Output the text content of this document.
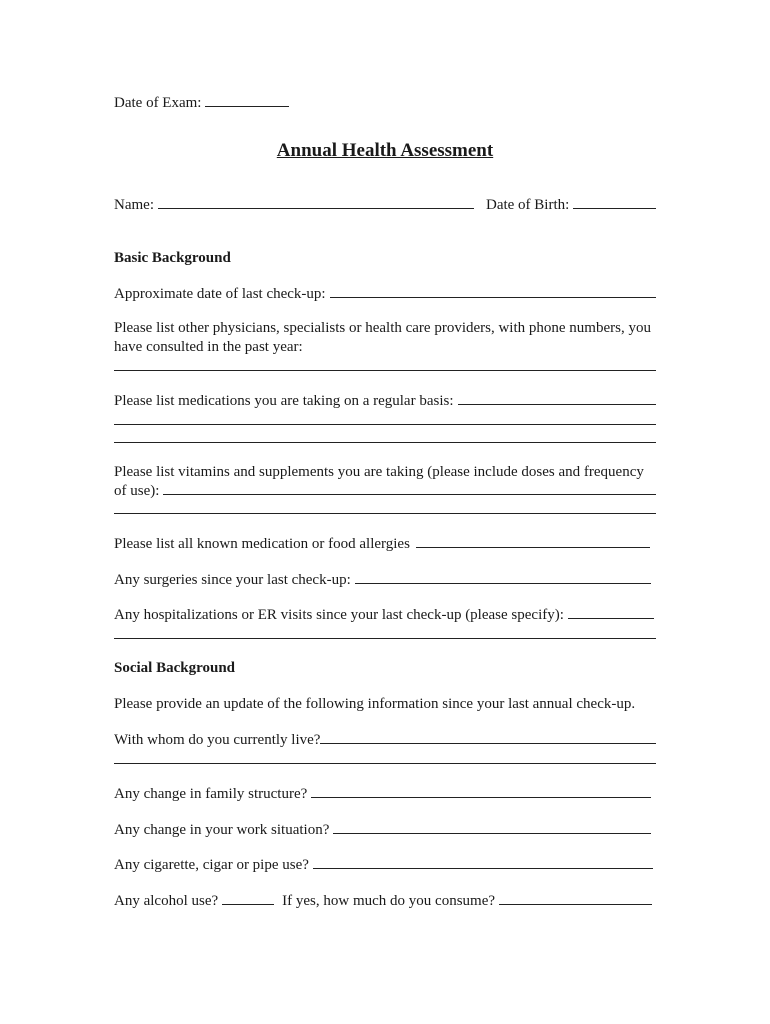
Date of Exam:
Annual Health Assessment
Name:	Date of Birth:
Basic Background
Approximate date of last check-up:
Please list other physicians, specialists or health care providers, with phone numbers, you
have consulted in the past year:
Please list medications you are taking on a regular basis:
Please list vitamins and supplements you are taking (please include doses and frequency
of use):
Please list all known medication or food allergies
Any surgeries since your last check-up:
Any hospitalizations or ER visits since your last check-up (please specify):
Social Background
Please provide an update of the following information since your last annual check-up.
With whom do you currently live?
Any change in family structure?
Any change in your work situation?
Any cigarette, cigar or pipe use?
Any alcohol use?	If yes, how much do you consume?
